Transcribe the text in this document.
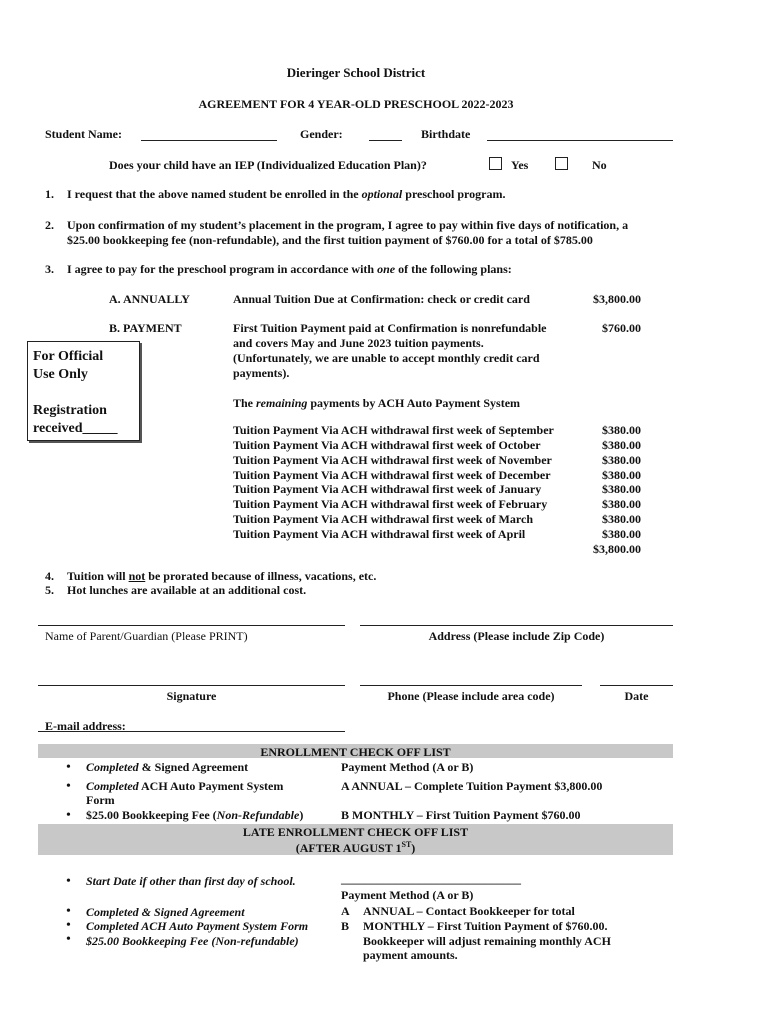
Dieringer School District
AGREEMENT FOR 4 YEAR-OLD PRESCHOOL 2022-2023
Student Name:	Gender:	Birthdate
Does your child have an IEP (Individualized Education Plan)?	Yes	No
1. I request that the above named student be enrolled in the optional preschool program.
2. Upon confirmation of my student’s placement in the program, I agree to pay within five days of notification, a
$25.00 bookkeeping fee (non-refundable), and the first tuition payment of $760.00 for a total of $785.00
3. I agree to pay for the preschool program in accordance with one of the following plans:
A. ANNUALLY	Annual Tuition Due at Confirmation: check or credit card	$3,800.00
B. PAYMENT	First Tuition Payment paid at Confirmation is nonrefundable
and covers May and June 2023 tuition payments.
(Unfortunately, we are unable to accept monthly credit card
payments).
$760.00
The remaining payments by ACH Auto Payment System
Tuition Payment Via ACH withdrawal first week of September	$380.00
Tuition Payment Via ACH withdrawal first week of October	$380.00
Tuition Payment Via ACH withdrawal first week of November	$380.00
Tuition Payment Via ACH withdrawal first week of December	$380.00
Tuition Payment Via ACH withdrawal first week of January	$380.00
Tuition Payment Via ACH withdrawal first week of February	$380.00
Tuition Payment Via ACH withdrawal first week of March	$380.00
Tuition Payment Via ACH withdrawal first week of April	$380.00
$3,800.00
For Official
Use Only
Registration
received_____
4. Tuition will not be prorated because of illness, vacations, etc.
5. Hot lunches are available at an additional cost.
Name of Parent/Guardian (Please PRINT)	Address (Please include Zip Code)
Signature	Phone (Please include area code)	Date
E-mail address:
ENROLLMENT CHECK OFF LIST
• Completed & Signed Agreement
• Completed ACH Auto Payment System
Form
• $25.00 Bookkeeping Fee (Non-Refundable)
Payment Method (A or B)
A ANNUAL – Complete Tuition Payment $3,800.00
B MONTHLY – First Tuition Payment $760.00
LATE ENROLLMENT CHECK OFF LIST
(AFTER AUGUST 1ST)
• Start Date if other than first day of school.	______________________________
Payment Method (A or B)
• Completed & Signed Agreement
• Completed ACH Auto Payment System Form
• $25.00 Bookkeeping Fee (Non-refundable)
A ANNUAL – Contact Bookkeeper for total
B MONTHLY – First Tuition Payment of $760.00.
Bookkeeper will adjust remaining monthly ACH
payment amounts.
